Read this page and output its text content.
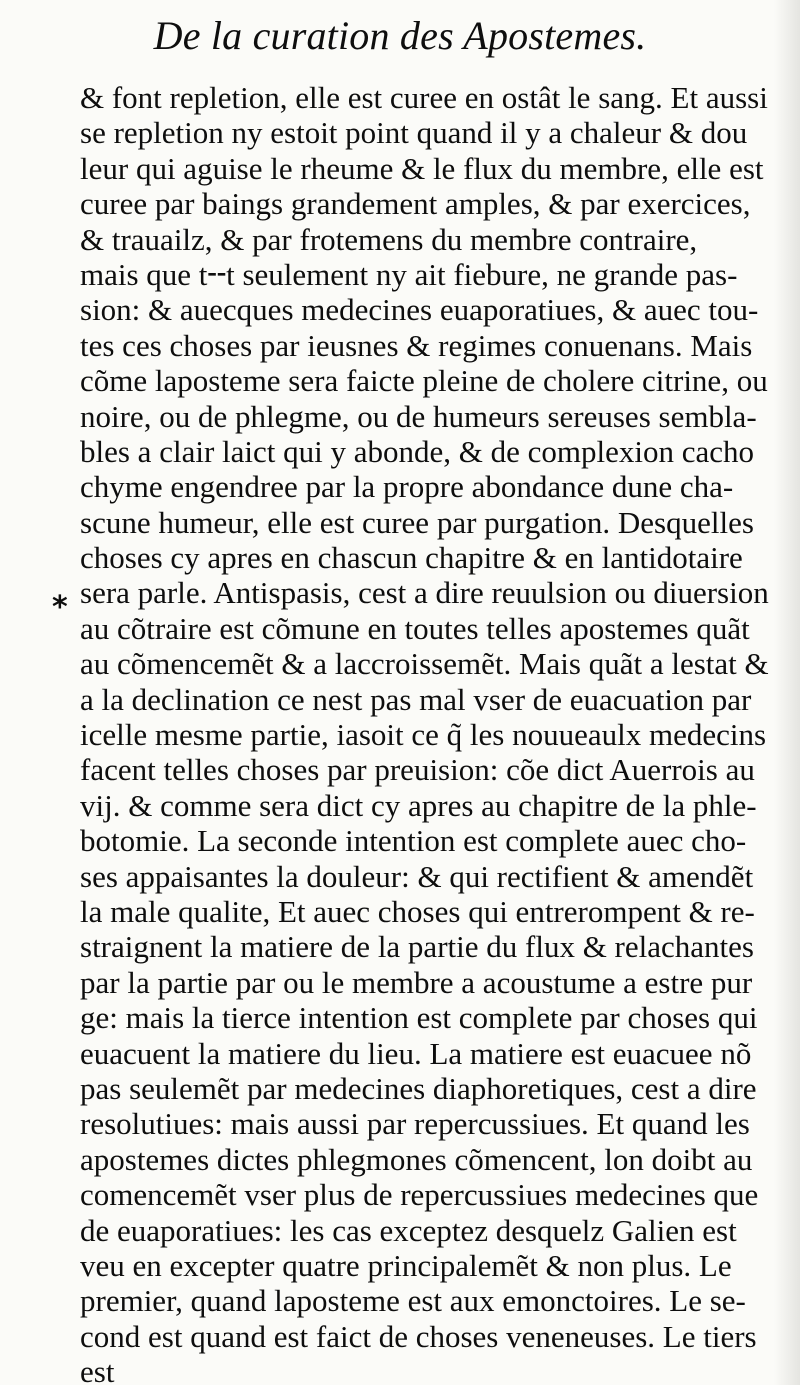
De la curation des Apostemes.
*
& font repletion, elle est curee en ostât le sang. Et aussi
se repletion ny estoit point quand il y a chaleur & dou
leur qui aguise le rheume & le flux du membre, elle est
curee par baings grandement amples, & par exercices,
& trauailz, & par frotemens du membre contraire,
mais que t╌t seulement ny ait fiebure, ne grande pas-
sion: & auecques medecines euaporatiues, & auec tou-
tes ces choses par ieusnes & regimes conuenans. Mais
cõme laposteme sera faicte pleine de cholere citrine, ou
noire, ou de phlegme, ou de humeurs sereuses sembla-
bles a clair laict qui y abonde, & de complexion cacho
chyme engendree par la propre abondance dune cha-
scune humeur, elle est curee par purgation. Desquelles
choses cy apres en chascun chapitre & en lantidotaire
sera parle. Antispasis, cest a dire reuulsion ou diuersion
au cõtraire est cõmune en toutes telles apostemes quãt
au cõmencemẽt & a laccroissemẽt. Mais quãt a lestat &
a la declination ce nest pas mal vser de euacuation par
icelle mesme partie, iasoit ce q̃ les nouueaulx medecins
facent telles choses par preuision: cõe dict Auerrois au
vij. & comme sera dict cy apres au chapitre de la phle-
botomie. La seconde intention est complete auec cho-
ses appaisantes la douleur: & qui rectifient & amendẽt
la male qualite, Et auec choses qui entrerompent & re-
straignent la matiere de la partie du flux & relachantes
par la partie par ou le membre a acoustume a estre pur
ge: mais la tierce intention est complete par choses qui
euacuent la matiere du lieu. La matiere est euacuee nõ
pas seulemẽt par medecines diaphoretiques, cest a dire
resolutiues: mais aussi par repercussiues. Et quand les
apostemes dictes phlegmones cõmencent, lon doibt au
comencemẽt vser plus de repercussiues medecines que
de euaporatiues: les cas exceptez desquelz Galien est
veu en excepter quatre principalemẽt & non plus. Le
premier, quand laposteme est aux emonctoires. Le se-
cond est quand est faict de choses veneneuses. Le tiers
est
